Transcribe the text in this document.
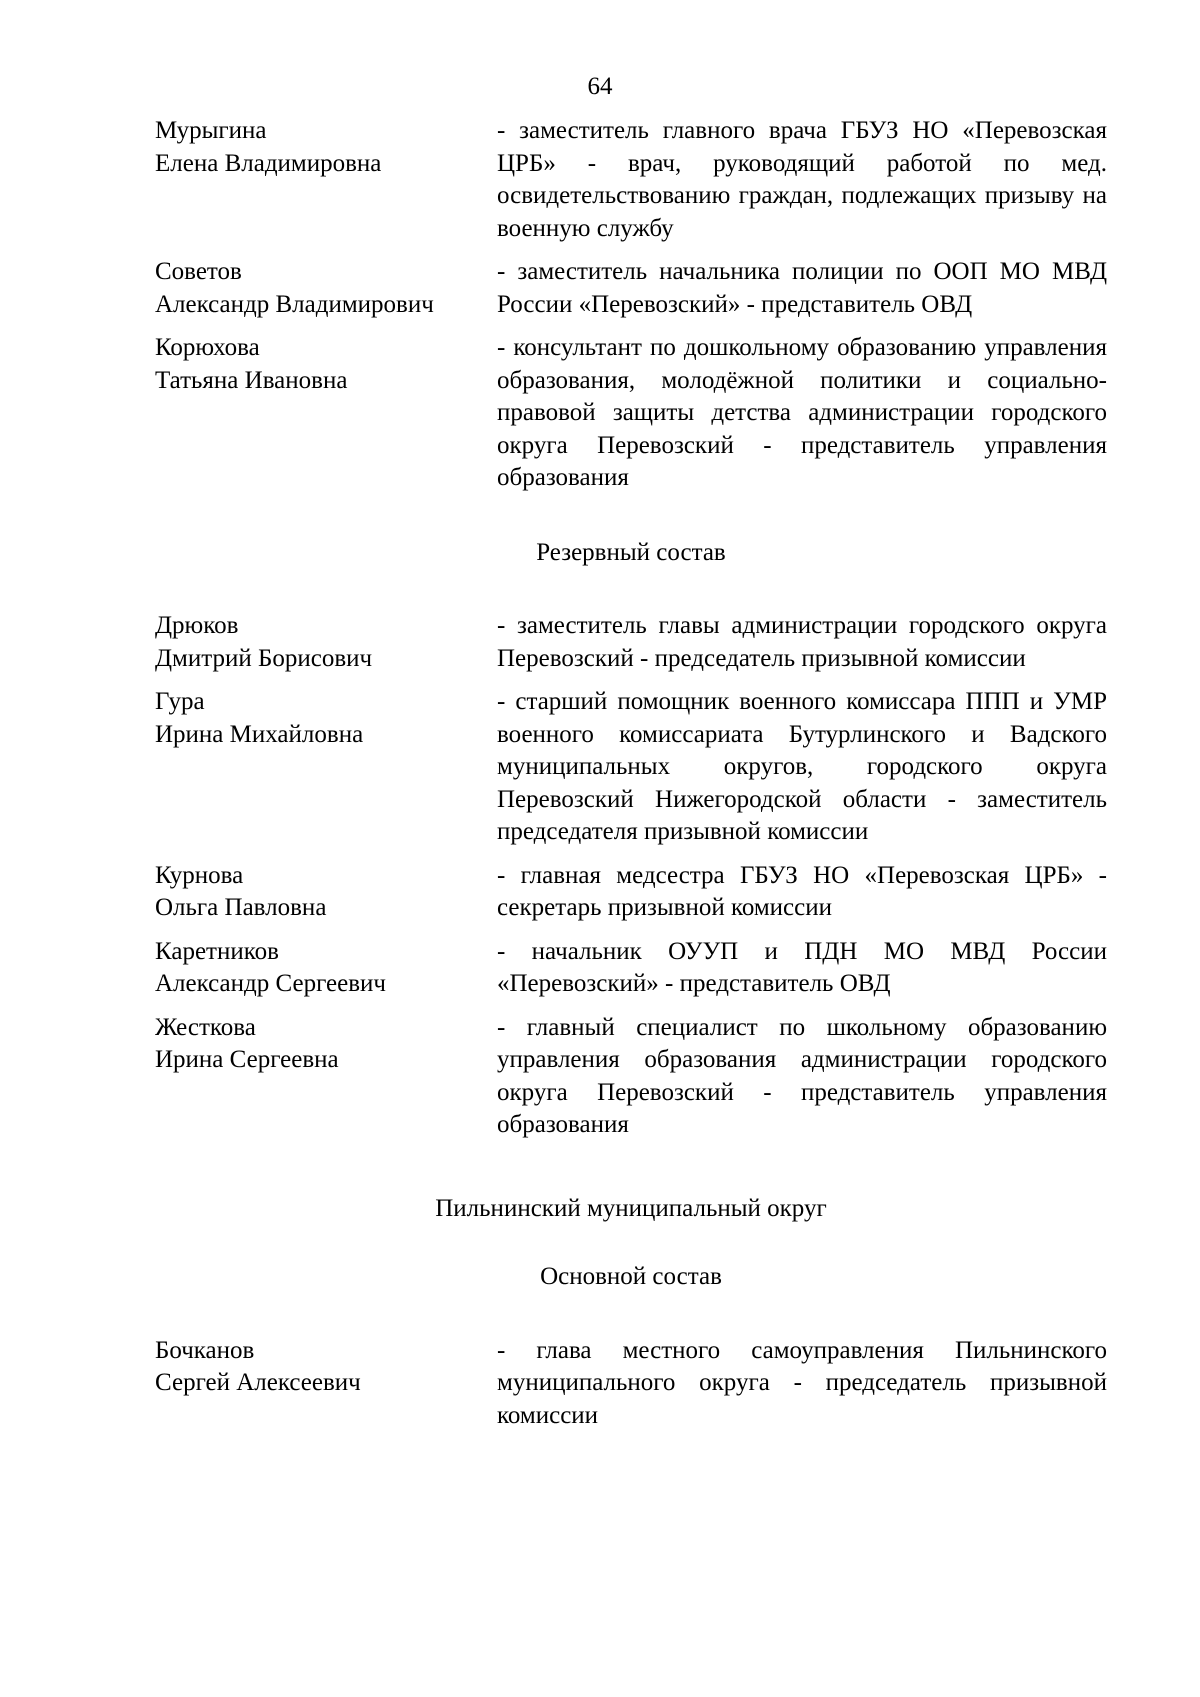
64
Мурыгина
Елена Владимировна
- заместитель главного врача ГБУЗ НО «Перевозская ЦРБ» - врач, руководящий работой по мед. освидетельствованию граждан, подлежащих призыву на военную службу
Советов
Александр Владимирович
- заместитель начальника полиции по ООП МО МВД России «Перевозский» - представитель ОВД
Корюхова
Татьяна Ивановна
- консультант по дошкольному образованию управления образования, молодёжной политики и социально-правовой защиты детства администрации городского округа Перевозский - представитель управления образования
Резервный состав
Дрюков
Дмитрий Борисович
- заместитель главы администрации городского округа Перевозский - председатель призывной комиссии
Гура
Ирина Михайловна
- старший помощник военного комиссара ППП и УМР военного комиссариата Бутурлинского и Вадского муниципальных округов, городского округа Перевозский Нижегородской области - заместитель председателя призывной комиссии
Курнова
Ольга Павловна
- главная медсестра ГБУЗ НО «Перевозская ЦРБ» - секретарь призывной комиссии
Каретников
Александр Сергеевич
- начальник ОУУП и ПДН МО МВД России «Перевозский» - представитель ОВД
Жесткова
Ирина Сергеевна
- главный специалист по школьному образованию управления образования администрации городского округа Перевозский - представитель управления образования
Пильнинский муниципальный округ
Основной состав
Бочканов
Сергей Алексеевич
- глава местного самоуправления Пильнинского муниципального округа - председатель призывной комиссии
